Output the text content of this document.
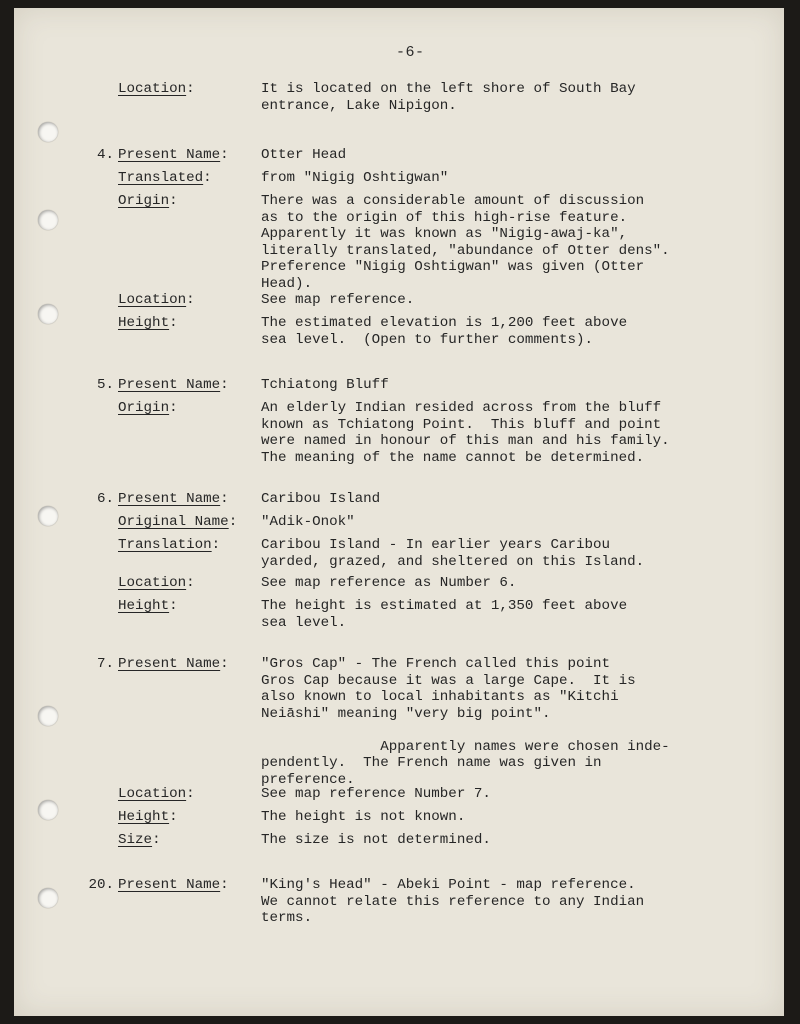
-6-
Location:	It is located on the left shore of South Bay
entrance, Lake Nipigon.
4. Present Name: Otter Head
Translated:	from "Nigig Oshtigwan"
Origin:	There was a considerable amount of discussion
as to the origin of this high-rise feature.
Apparently it was known as "Nigig-awaj-ka",
literally translated, "abundance of Otter dens".
Preference "Nigig Oshtigwan" was given (Otter
Head).
Location:	See map reference.
Height:	The estimated elevation is 1,200 feet above
sea level.  (Open to further comments).
5. Present Name: Tchiatong Bluff
Origin:	An elderly Indian resided across from the bluff
known as Tchiatong Point.  This bluff and point
were named in honour of this man and his family.
The meaning of the name cannot be determined.
6. Present Name: Caribou Island
Original Name: "Adik-Onok"
Translation:	Caribou Island - In earlier years Caribou
yarded, grazed, and sheltered on this Island.
Location:	See map reference as Number 6.
Height:	The height is estimated at 1,350 feet above
sea level.
7. Present Name: "Gros Cap" - The French called this point
Gros Cap because it was a large Cape.  It is
also known to local inhabitants as "Kitchi
Neiāshi" meaning "very big point".

Apparently names were chosen inde-
pendently.  The French name was given in
preference.
Location:	See map reference Number 7.
Height:	The height is not known.
Size:	The size is not determined.
20. Present Name: "King's Head" - Abeki Point - map reference.
We cannot relate this reference to any Indian
terms.
